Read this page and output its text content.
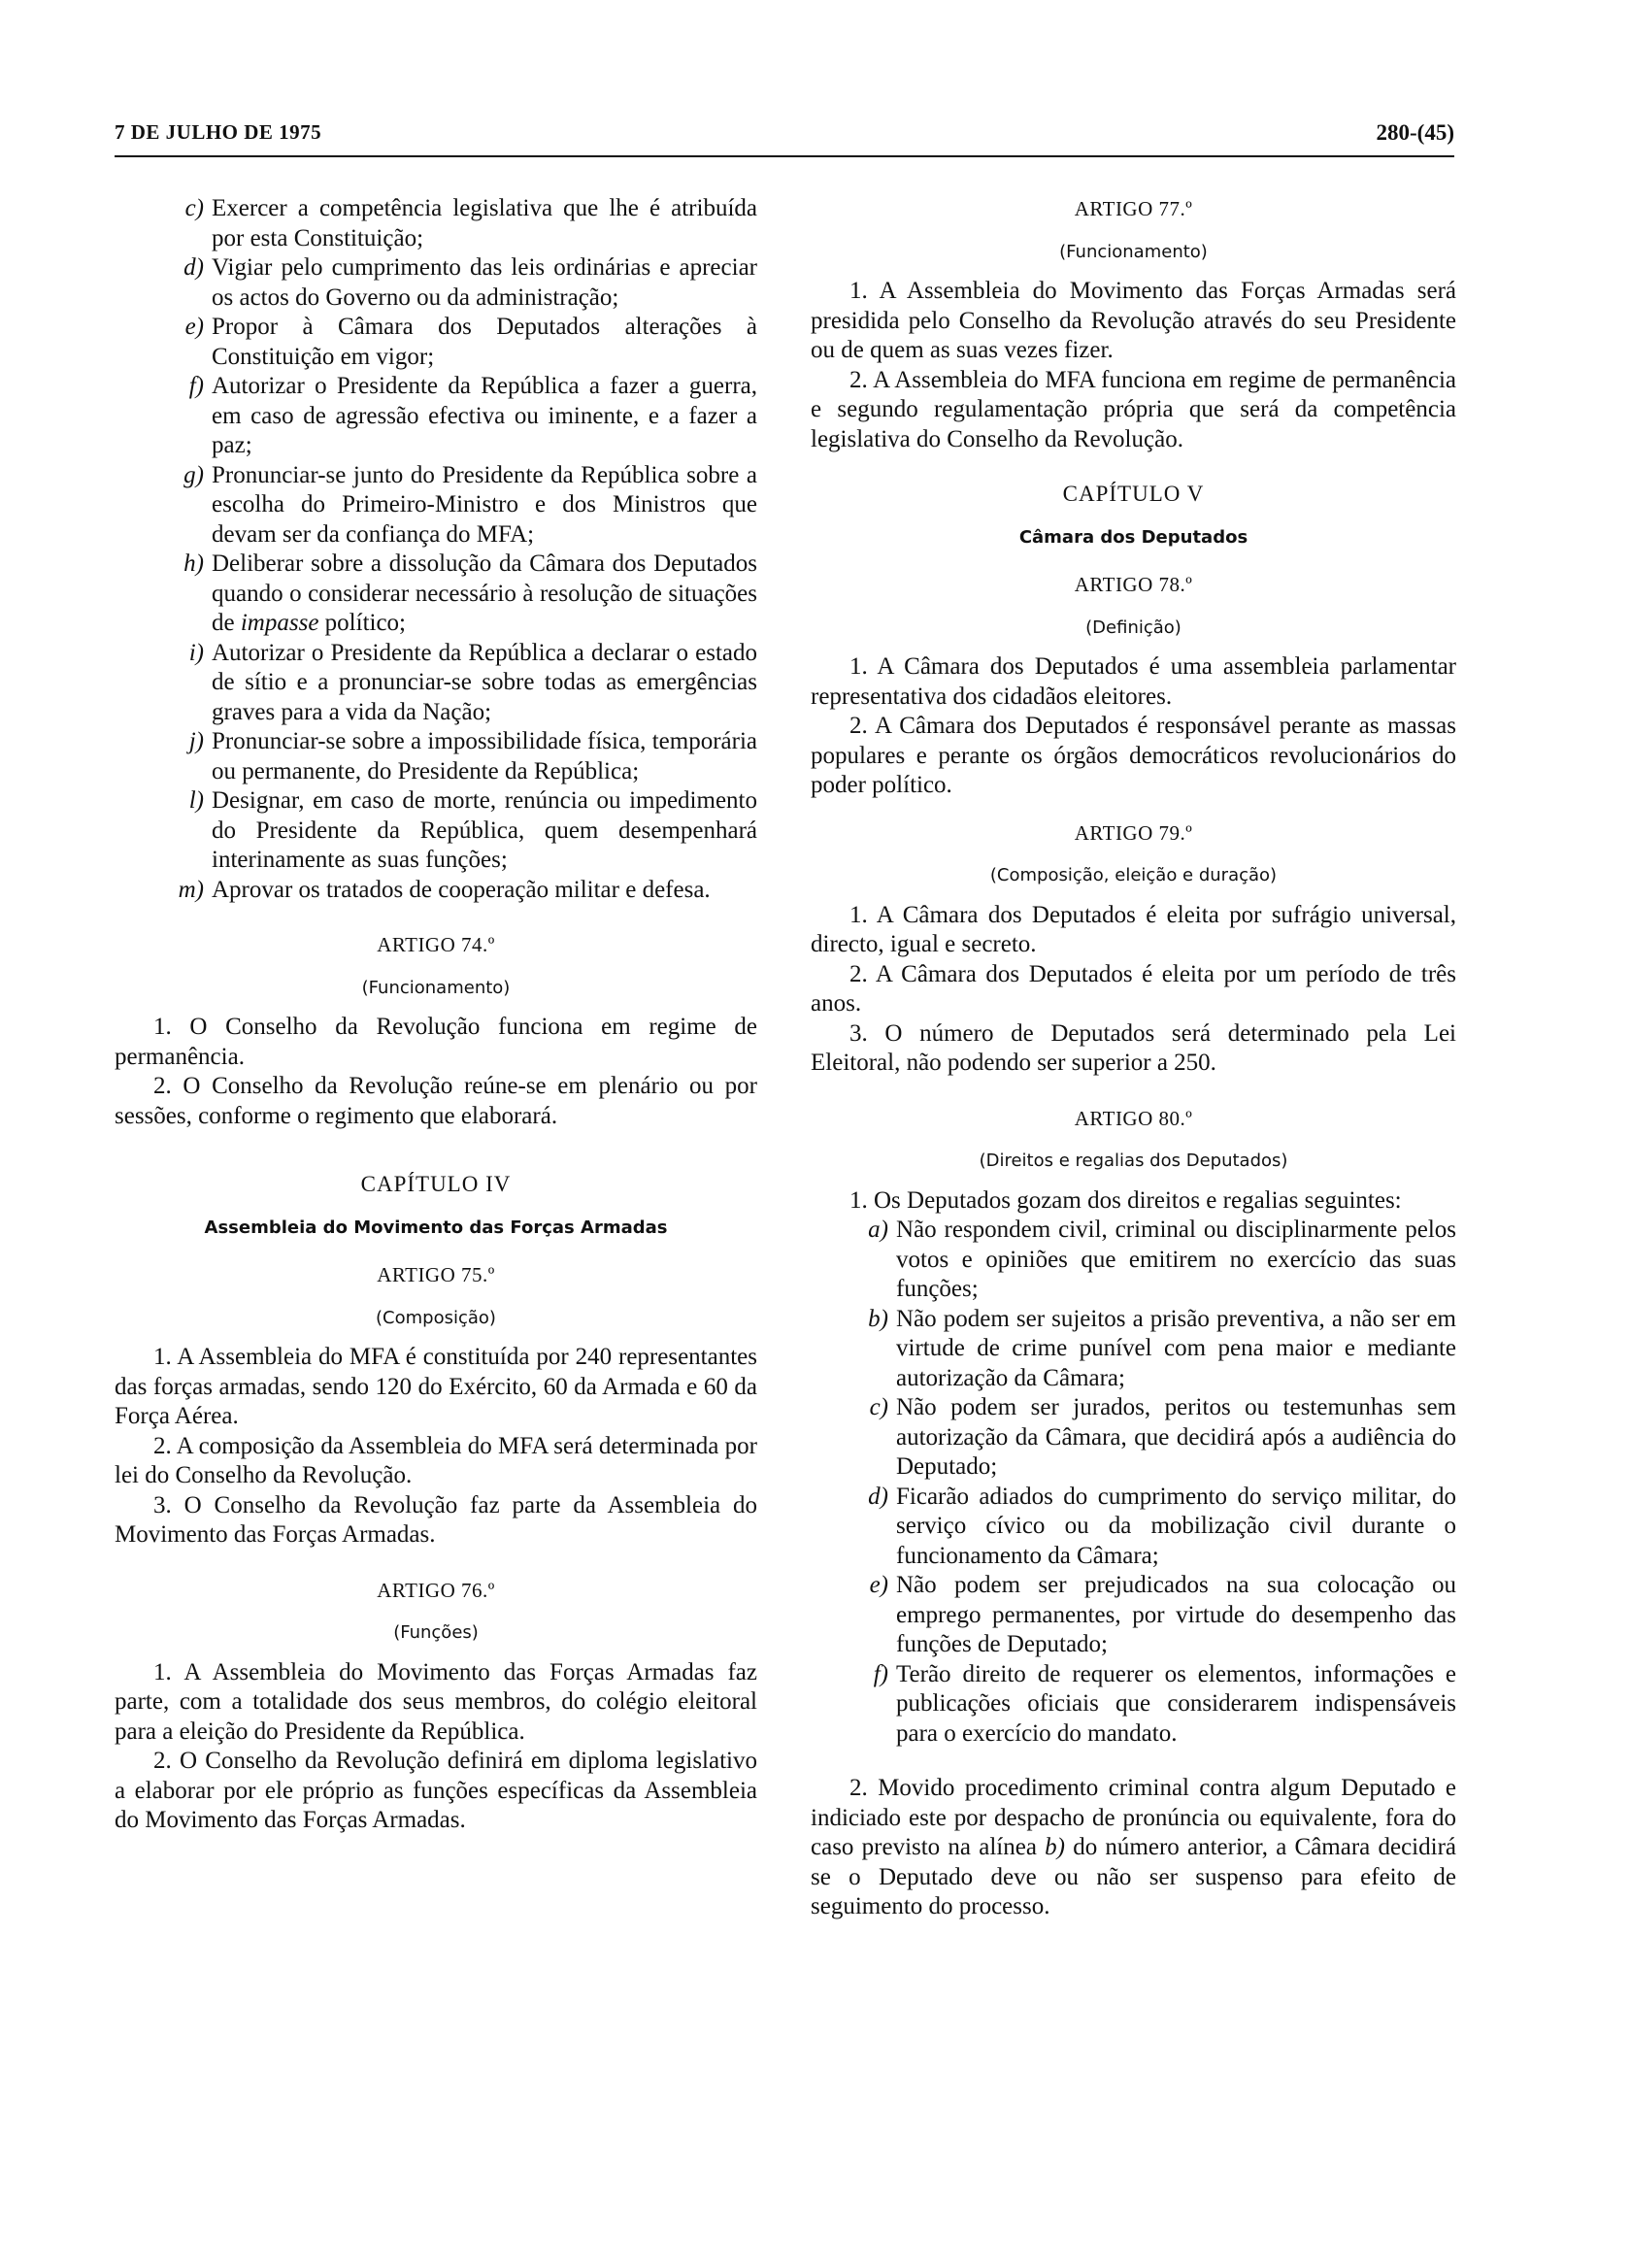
7 DE JULHO DE 1975	280-(45)
c) Exercer a competência legislativa que lhe é atribuída por esta Constituição;
d) Vigiar pelo cumprimento das leis ordinárias e apreciar os actos do Governo ou da administração;
e) Propor à Câmara dos Deputados alterações à Constituição em vigor;
f) Autorizar o Presidente da República a fazer a guerra, em caso de agressão efectiva ou iminente, e a fazer a paz;
g) Pronunciar-se junto do Presidente da República sobre a escolha do Primeiro-Ministro e dos Ministros que devam ser da confiança do MFA;
h) Deliberar sobre a dissolução da Câmara dos Deputados quando o considerar necessário à resolução de situações de impasse político;
i) Autorizar o Presidente da República a declarar o estado de sítio e a pronunciar-se sobre todas as emergências graves para a vida da Nação;
j) Pronunciar-se sobre a impossibilidade física, temporária ou permanente, do Presidente da República;
l) Designar, em caso de morte, renúncia ou impedimento do Presidente da República, quem desempenhará interinamente as suas funções;
m) Aprovar os tratados de cooperação militar e defesa.
ARTIGO 74.º
(Funcionamento)
1. O Conselho da Revolução funciona em regime de permanência.
2. O Conselho da Revolução reúne-se em plenário ou por sessões, conforme o regimento que elaborará.
CAPÍTULO IV
Assembleia do Movimento das Forças Armadas
ARTIGO 75.º
(Composição)
1. A Assembleia do MFA é constituída por 240 representantes das forças armadas, sendo 120 do Exército, 60 da Armada e 60 da Força Aérea.
2. A composição da Assembleia do MFA será determinada por lei do Conselho da Revolução.
3. O Conselho da Revolução faz parte da Assembleia do Movimento das Forças Armadas.
ARTIGO 76.º
(Funções)
1. A Assembleia do Movimento das Forças Armadas faz parte, com a totalidade dos seus membros, do colégio eleitoral para a eleição do Presidente da República.
2. O Conselho da Revolução definirá em diploma legislativo a elaborar por ele próprio as funções específicas da Assembleia do Movimento das Forças Armadas.
ARTIGO 77.º
(Funcionamento)
1. A Assembleia do Movimento das Forças Armadas será presidida pelo Conselho da Revolução através do seu Presidente ou de quem as suas vezes fizer.
2. A Assembleia do MFA funciona em regime de permanência e segundo regulamentação própria que será da competência legislativa do Conselho da Revolução.
CAPÍTULO V
Câmara dos Deputados
ARTIGO 78.º
(Definição)
1. A Câmara dos Deputados é uma assembleia parlamentar representativa dos cidadãos eleitores.
2. A Câmara dos Deputados é responsável perante as massas populares e perante os órgãos democráticos revolucionários do poder político.
ARTIGO 79.º
(Composição, eleição e duração)
1. A Câmara dos Deputados é eleita por sufrágio universal, directo, igual e secreto.
2. A Câmara dos Deputados é eleita por um período de três anos.
3. O número de Deputados será determinado pela Lei Eleitoral, não podendo ser superior a 250.
ARTIGO 80.º
(Direitos e regalias dos Deputados)
1. Os Deputados gozam dos direitos e regalias seguintes:
a) Não respondem civil, criminal ou disciplinarmente pelos votos e opiniões que emitirem no exercício das suas funções;
b) Não podem ser sujeitos a prisão preventiva, a não ser em virtude de crime punível com pena maior e mediante autorização da Câmara;
c) Não podem ser jurados, peritos ou testemunhas sem autorização da Câmara, que decidirá após a audiência do Deputado;
d) Ficarão adiados do cumprimento do serviço militar, do serviço cívico ou da mobilização civil durante o funcionamento da Câmara;
e) Não podem ser prejudicados na sua colocação ou emprego permanentes, por virtude do desempenho das funções de Deputado;
f) Terão direito de requerer os elementos, informações e publicações oficiais que considerarem indispensáveis para o exercício do mandato.
2. Movido procedimento criminal contra algum Deputado e indiciado este por despacho de pronúncia ou equivalente, fora do caso previsto na alínea b) do número anterior, a Câmara decidirá se o Deputado deve ou não ser suspenso para efeito de seguimento do processo.
